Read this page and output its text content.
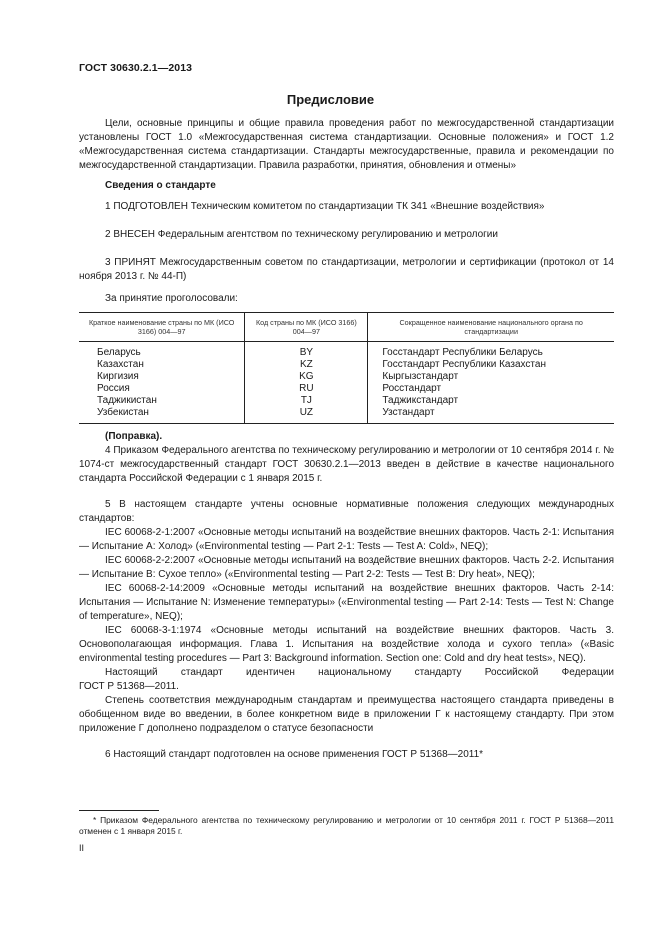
ГОСТ 30630.2.1—2013
Предисловие

Цели, основные принципы и общие правила проведения работ по межгосударственной стандартизации установлены ГОСТ 1.0 «Межгосударственная система стандартизации. Основные положения» и ГОСТ 1.2 «Межгосударственная система стандартизации. Стандарты межгосударственные, правила и рекомендации по межгосударственной стандартизации. Правила разработки, принятия, обновления и отмены»

Сведения о стандарте

1 ПОДГОТОВЛЕН Техническим комитетом по стандартизации ТК 341 «Внешние воздействия»

2 ВНЕСЕН Федеральным агентством по техническому регулированию и метрологии

3 ПРИНЯТ Межгосударственным советом по стандартизации, метрологии и сертификации (протокол от 14 ноября 2013 г. № 44-П)

За принятие проголосовали:

Краткое наименование страны по МК (ИСО 3166) 004—97	Код страны по МК (ИСО 3166) 004—97	Сокращенное наименование национального органа по стандартизации
Беларусь	BY	Госстандарт Республики Беларусь
Казахстан	KZ	Госстандарт Республики Казахстан
Киргизия	KG	Кыргызстандарт
Россия	RU	Росстандарт
Таджикистан	TJ	Таджикстандарт
Узбекистан	UZ	Узстандарт

(Поправка).

4 Приказом Федерального агентства по техническому регулированию и метрологии от 10 сентября 2014 г. № 1074-ст межгосударственный стандарт ГОСТ 30630.2.1—2013 введен в действие в качестве национального стандарта Российской Федерации с 1 января 2015 г.

5 В настоящем стандарте учтены основные нормативные положения следующих международных стандартов:

IEC 60068-2-1:2007 «Основные методы испытаний на воздействие внешних факторов. Часть 2-1: Испытания — Испытание А: Холод» («Environmental testing — Part 2-1: Tests — Test A: Cold», NEQ);

IEC 60068-2-2:2007 «Основные методы испытаний на воздействие внешних факторов. Часть 2-2. Испытания — Испытание В: Сухое тепло» («Environmental testing — Part 2-2: Tests — Test B: Dry heat», NEQ);

IEC 60068-2-14:2009 «Основные методы испытаний на воздействие внешних факторов. Часть 2-14: Испытания — Испытание N: Изменение температуры» («Environmental testing — Part 2-14: Tests — Test N: Change of temperature», NEQ);

IEC 60068-3-1:1974 «Основные методы испытаний на воздействие внешних факторов. Часть 3. Основополагающая информация. Глава 1. Испытания на воздействие холода и сухого тепла» («Basic environmental testing procedures — Part 3: Background information. Section one: Cold and dry heat tests», NEQ).

Настоящий стандарт идентичен национальному стандарту Российской Федерации

ГОСТ Р 51368—2011.

Степень соответствия международным стандартам и преимущества настоящего стандарта приведены в обобщенном виде во введении, в более конкретном виде в приложении Г к настоящему стандарту. При этом приложение Г дополнено подразделом о статусе безопасности

6 Настоящий стандарт подготовлен на основе применения ГОСТ Р 51368—2011*

* Приказом Федерального агентства по техническому регулированию и метрологии от 10 сентября 2011 г. ГОСТ Р 51368—2011 отменен с 1 января 2015 г.
II
